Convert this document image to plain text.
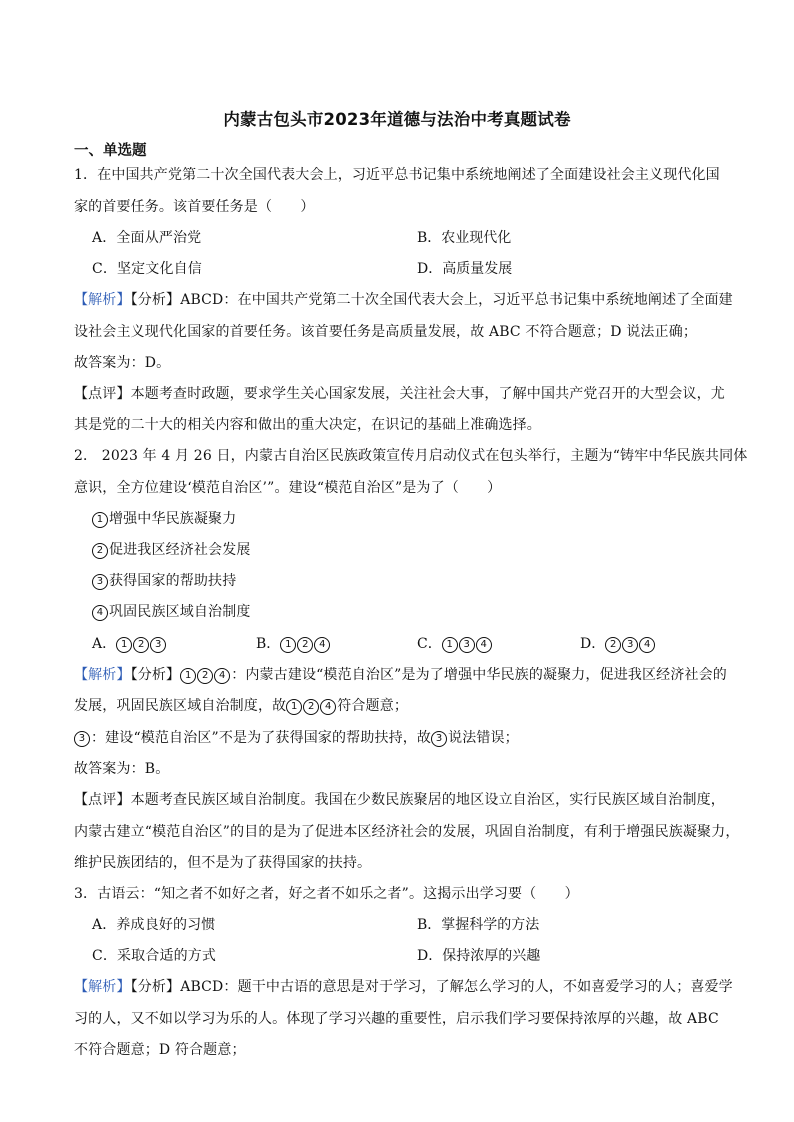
内蒙古包头市2023年道德与法治中考真题试卷
一、单选题
1．在中国共产党第二十次全国代表大会上，习近平总书记集中系统地阐述了全面建设社会主义现代化国
家的首要任务。该首要任务是（　　）
A．全面从严治党	B．农业现代化
C．坚定文化自信	D．高质量发展
【解析】【分析】ABCD：在中国共产党第二十次全国代表大会上，习近平总书记集中系统地阐述了全面建
设社会主义现代化国家的首要任务。该首要任务是高质量发展，故 ABC 不符合题意；D 说法正确；
故答案为：D。
【点评】本题考查时政题，要求学生关心国家发展，关注社会大事，了解中国共产党召开的大型会议，尤
其是党的二十大的相关内容和做出的重大决定，在识记的基础上准确选择。
2． 2023 年 4 月 26 日，内蒙古自治区民族政策宣传月启动仪式在包头举行，主题为“铸牢中华民族共同体
意识，全方位建设‘模范自治区’”。建设“模范自治区”是为了（　　）
1 增强中华民族凝聚力
2 促进我区经济社会发展
3 获得国家的帮助扶持
4 巩固民族区域自治制度
A． 1 2 3	B． 1 2 4	C． 1 3 4	D． 2 3 4
【解析】【分析】 1 2 4 ：内蒙古建设“模范自治区”是为了增强中华民族的凝聚力，促进我区经济社会的
发展，巩固民族区域自治制度，故 1 2 4 符合题意；
3 ：建设“模范自治区”不是为了获得国家的帮助扶持，故 3 说法错误；
故答案为：B。
【点评】本题考查民族区域自治制度。我国在少数民族聚居的地区设立自治区，实行民族区域自治制度，
内蒙古建立“模范自治区”的目的是为了促进本区经济社会的发展，巩固自治制度，有利于增强民族凝聚力，
维护民族团结的，但不是为了获得国家的扶持。
3．古语云：“知之者不如好之者，好之者不如乐之者”。这揭示出学习要（　　）
A．养成良好的习惯	B．掌握科学的方法
C．采取合适的方式	D．保持浓厚的兴趣
【解析】【分析】ABCD：题干中古语的意思是对于学习，了解怎么学习的人，不如喜爱学习的人；喜爱学
习的人，又不如以学习为乐的人。体现了学习兴趣的重要性，启示我们学习要保持浓厚的兴趣，故 ABC
不符合题意；D 符合题意；
